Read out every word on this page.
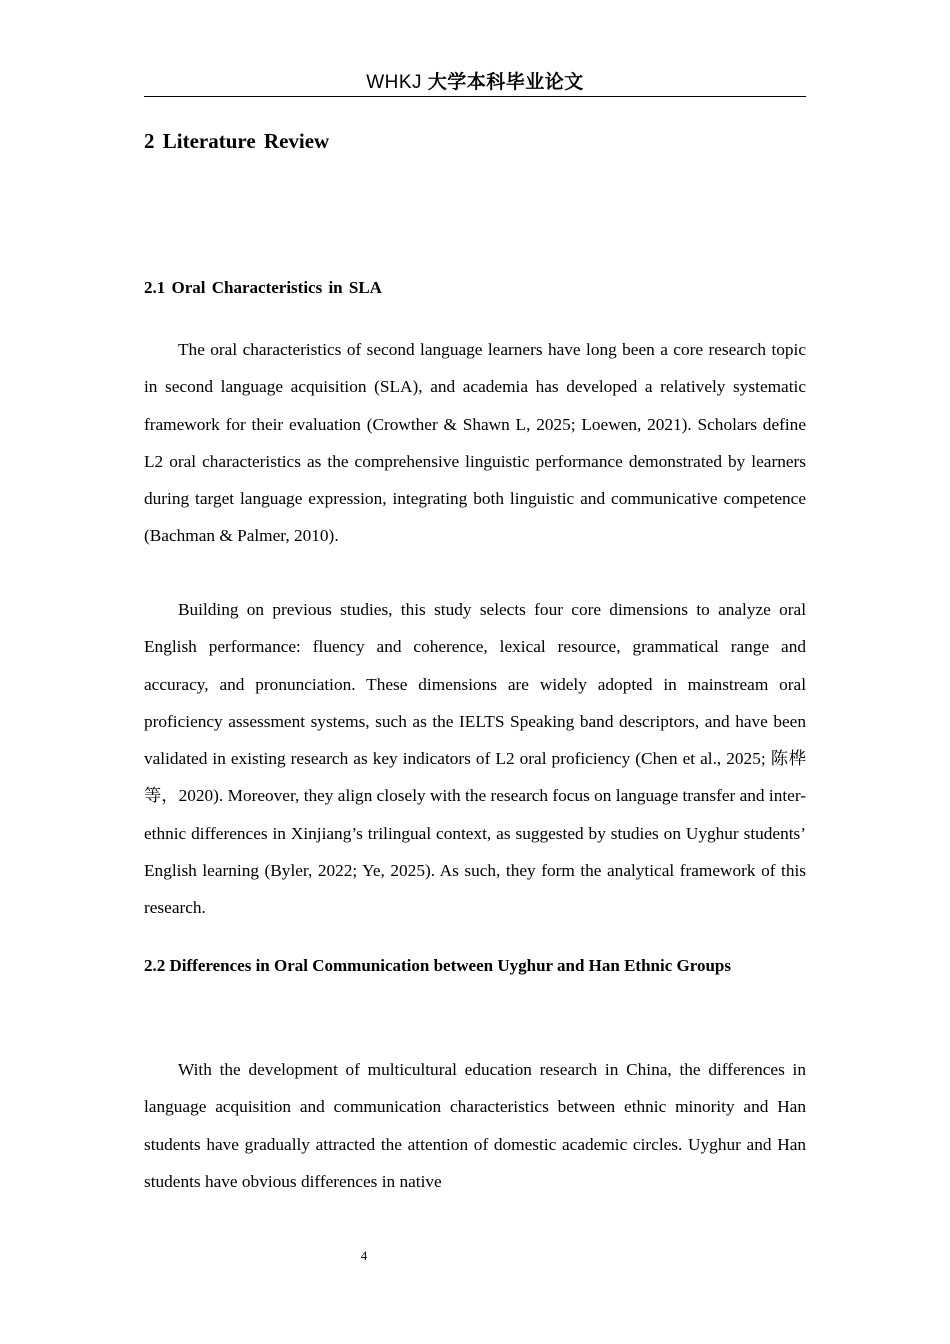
WHKJ 大学本科毕业论文
2 Literature Review
2.1 Oral Characteristics in SLA

The oral characteristics of second language learners have long been a core research topic in second language acquisition (SLA), and academia has developed a relatively systematic framework for their evaluation (Crowther & Shawn L, 2025; Loewen, 2021). Scholars define L2 oral characteristics as the comprehensive linguistic performance demonstrated by learners during target language expression, integrating both linguistic and communicative competence (Bachman & Palmer, 2010).

Building on previous studies, this study selects four core dimensions to analyze oral English performance: fluency and coherence, lexical resource, grammatical range and accuracy, and pronunciation. These dimensions are widely adopted in mainstream oral proficiency assessment systems, such as the IELTS Speaking band descriptors, and have been validated in existing research as key indicators of L2 oral proficiency (Chen et al., 2025; 陈桦等，2020). Moreover, they align closely with the research focus on language transfer and inter-ethnic differences in Xinjiang’s trilingual context, as suggested by studies on Uyghur students’ English learning (Byler, 2022; Ye, 2025). As such, they form the analytical framework of this research.

2.2 Differences in Oral Communication between Uyghur and Han Ethnic Groups

With the development of multicultural education research in China, the differences in language acquisition and communication characteristics between ethnic minority and Han students have gradually attracted the attention of domestic academic circles. Uyghur and Han students have obvious differences in native

4
